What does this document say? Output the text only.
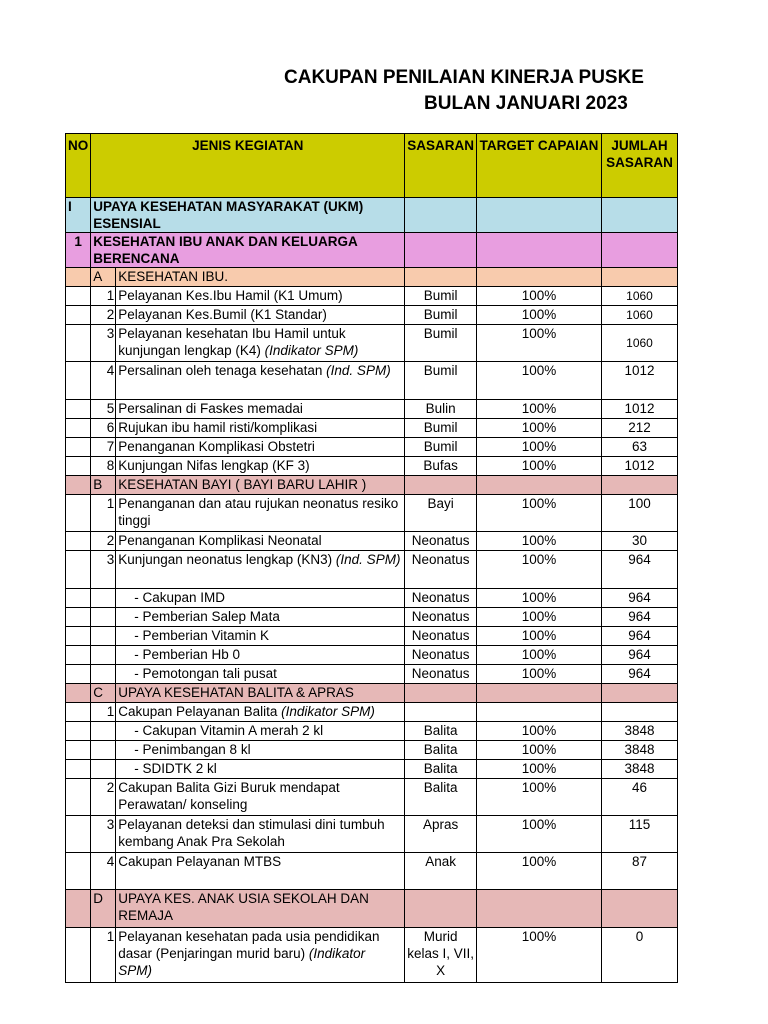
CAKUPAN PENILAIAN KINERJA PUSKE
BULAN JANUARI 2023
NO	JENIS KEGIATAN		SASARAN	TARGET CAPAIAN	JUMLAH SASARAN
I	UPAYA KESEHATAN MASYARAKAT (UKM) ESENSIAL				
1	KESEHATAN IBU ANAK DAN KELUARGA BERENCANA				
	A	KESEHATAN IBU.			
	1	Pelayanan Kes.Ibu Hamil (K1 Umum)	Bumil	100%	1060
	2	Pelayanan Kes.Bumil (K1 Standar)	Bumil	100%	1060
	3	Pelayanan kesehatan Ibu Hamil untuk kunjungan lengkap (K4) (Indikator SPM)	Bumil	100%	1060
	4	Persalinan oleh tenaga kesehatan (Ind. SPM)	Bumil	100%	1012
	5	Persalinan di Faskes memadai	Bulin	100%	1012
	6	Rujukan ibu hamil risti/komplikasi	Bumil	100%	212
	7	Penanganan Komplikasi Obstetri	Bumil	100%	63
	8	Kunjungan Nifas lengkap (KF 3)	Bufas	100%	1012
	B	KESEHATAN BAYI ( BAYI BARU LAHIR )			
	1	Penanganan dan atau rujukan neonatus resiko tinggi	Bayi	100%	100
	2	Penanganan Komplikasi Neonatal	Neonatus	100%	30
	3	Kunjungan neonatus lengkap (KN3) (Ind. SPM)	Neonatus	100%	964
		- Cakupan IMD	Neonatus	100%	964
		- Pemberian Salep Mata	Neonatus	100%	964
		- Pemberian Vitamin K	Neonatus	100%	964
		- Pemberian Hb 0	Neonatus	100%	964
		- Pemotongan tali pusat	Neonatus	100%	964
	C	UPAYA KESEHATAN BALITA & APRAS			
	1	Cakupan Pelayanan Balita (Indikator SPM)			
		- Cakupan Vitamin A merah 2 kl	Balita	100%	3848
		- Penimbangan 8 kl	Balita	100%	3848
		- SDIDTK 2 kl	Balita	100%	3848
	2	Cakupan Balita Gizi Buruk mendapat Perawatan/ konseling	Balita	100%	46
	3	Pelayanan deteksi dan stimulasi dini tumbuh kembang Anak Pra Sekolah	Apras	100%	115
	4	Cakupan Pelayanan MTBS	Anak	100%	87
	D	UPAYA KES. ANAK USIA SEKOLAH DAN REMAJA			
	1	Pelayanan kesehatan pada usia pendidikan dasar (Penjaringan murid baru) (Indikator SPM)	Murid kelas I, VII, X	100%	0
